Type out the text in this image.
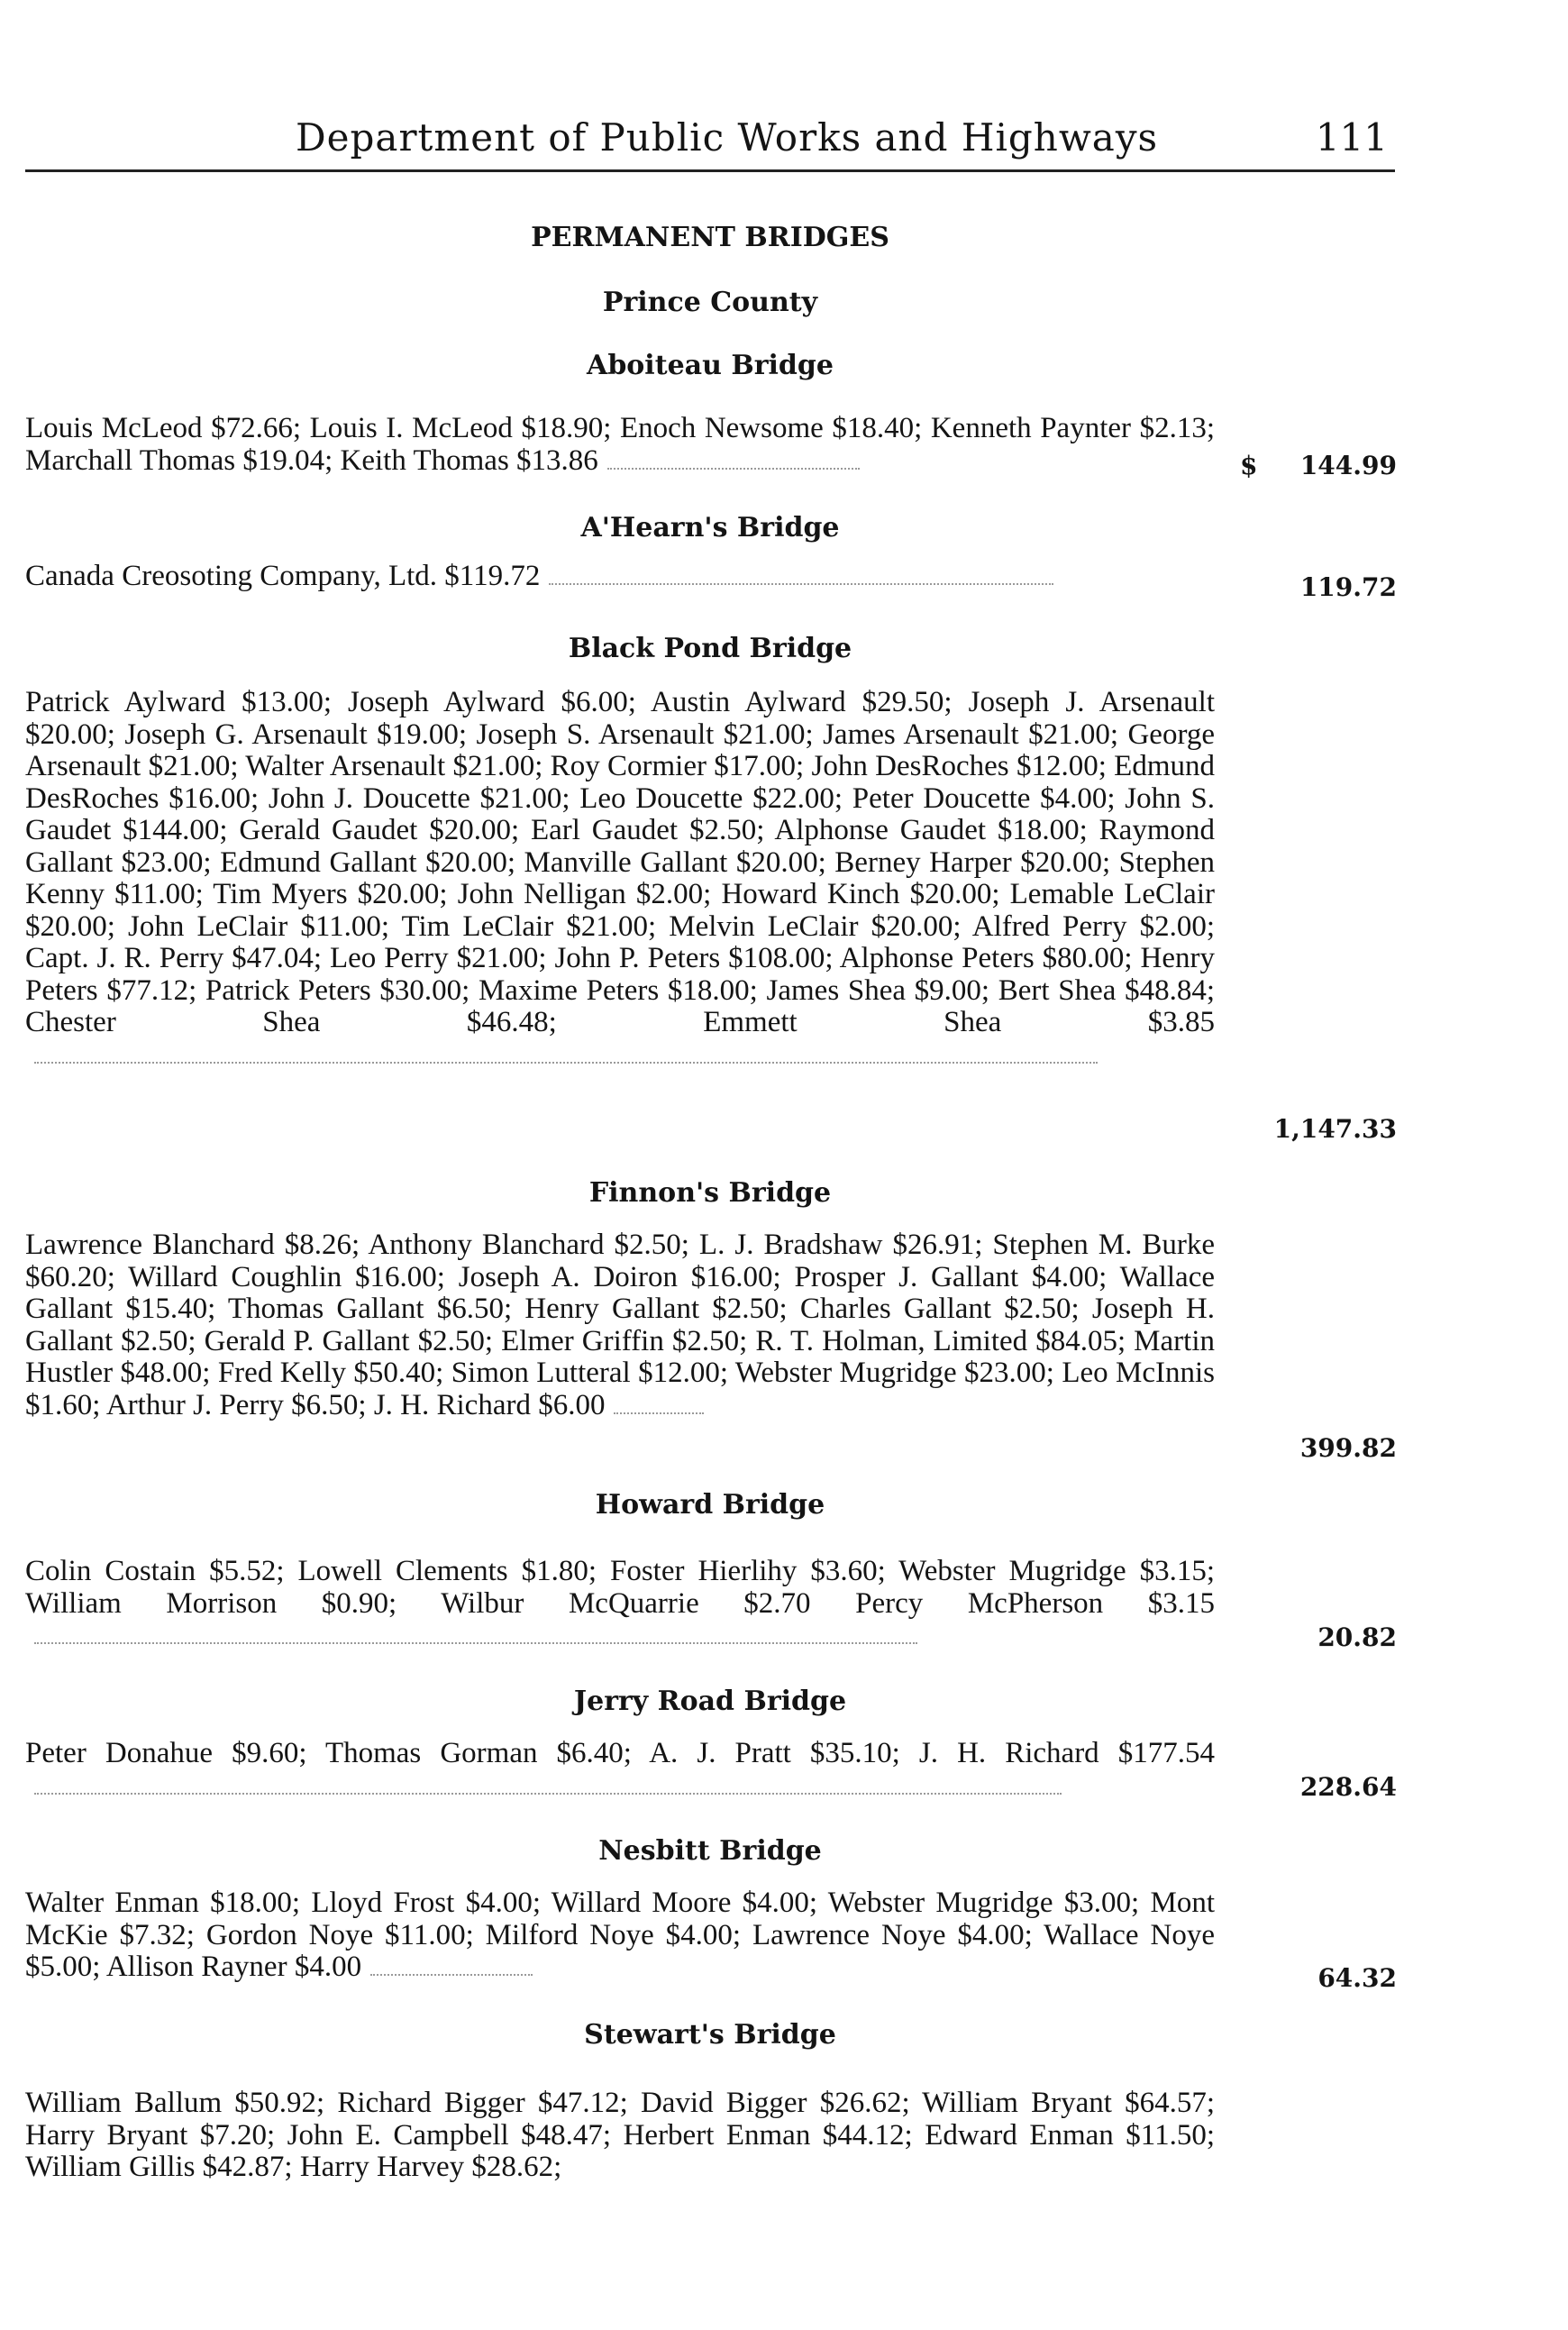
Department of Public Works and Highways	111
PERMANENT BRIDGES
Prince County
Aboiteau Bridge
Louis McLeod $72.66; Louis I. McLeod $18.90; Enoch Newsome $18.40; Kenneth Paynter $2.13; Marchall Thomas $19.04; Keith Thomas $13.86	$	144.99
A'Hearn's Bridge
Canada Creosoting Company, Ltd. $119.72	119.72
Black Pond Bridge
Patrick Aylward $13.00; Joseph Aylward $6.00; Austin Aylward $29.50; Joseph J. Arsenault $20.00; Joseph G. Arsenault $19.00; Joseph S. Arsenault $21.00; James Arsenault $21.00; George Arsenault $21.00; Walter Arsenault $21.00; Roy Cormier $17.00; John DesRoches $12.00; Edmund DesRoches $16.00; John J. Doucette $21.00; Leo Doucette $22.00; Peter Doucette $4.00; John S. Gaudet $144.00; Gerald Gaudet $20.00; Earl Gaudet $2.50; Alphonse Gaudet $18.00; Raymond Gallant $23.00; Edmund Gallant $20.00; Manville Gallant $20.00; Berney Harper $20.00; Stephen Kenny $11.00; Tim Myers $20.00; John Nelligan $2.00; Howard Kinch $20.00; Lemable LeClair $20.00; John LeClair $11.00; Tim LeClair $21.00; Melvin LeClair $20.00; Alfred Perry $2.00; Capt. J. R. Perry $47.04; Leo Perry $21.00; John P. Peters $108.00; Alphonse Peters $80.00; Henry Peters $77.12; Patrick Peters $30.00; Maxime Peters $18.00; James Shea $9.00; Bert Shea $48.84; Chester Shea $46.48; Emmett Shea $3.85
1,147.33
Finnon's Bridge
Lawrence Blanchard $8.26; Anthony Blanchard $2.50; L. J. Bradshaw $26.91; Stephen M. Burke $60.20; Willard Coughlin $16.00; Joseph A. Doiron $16.00; Prosper J. Gallant $4.00; Wallace Gallant $15.40; Thomas Gallant $6.50; Henry Gallant $2.50; Charles Gallant $2.50; Joseph H. Gallant $2.50; Gerald P. Gallant $2.50; Elmer Griffin $2.50; R. T. Holman, Limited $84.05; Martin Hustler $48.00; Fred Kelly $50.40; Simon Lutteral $12.00; Webster Mugridge $23.00; Leo McInnis $1.60; Arthur J. Perry $6.50; J. H. Richard $6.00
399.82
Howard Bridge
Colin Costain $5.52; Lowell Clements $1.80; Foster Hierlihy $3.60; Webster Mugridge $3.15; William Morrison $0.90; Wilbur McQuarrie $2.70 Percy McPherson $3.15
20.82
Jerry Road Bridge
Peter Donahue $9.60; Thomas Gorman $6.40; A. J. Pratt $35.10; J. H. Richard $177.54
228.64
Nesbitt Bridge
Walter Enman $18.00; Lloyd Frost $4.00; Willard Moore $4.00; Webster Mugridge $3.00; Mont McKie $7.32; Gordon Noye $11.00; Milford Noye $4.00; Lawrence Noye $4.00; Wallace Noye $5.00; Allison Rayner $4.00	64.32
Stewart's Bridge
William Ballum $50.92; Richard Bigger $47.12; David Bigger $26.62; William Bryant $64.57; Harry Bryant $7.20; John E. Campbell $48.47; Herbert Enman $44.12; Edward Enman $11.50; William Gillis $42.87; Harry Harvey $28.62;
